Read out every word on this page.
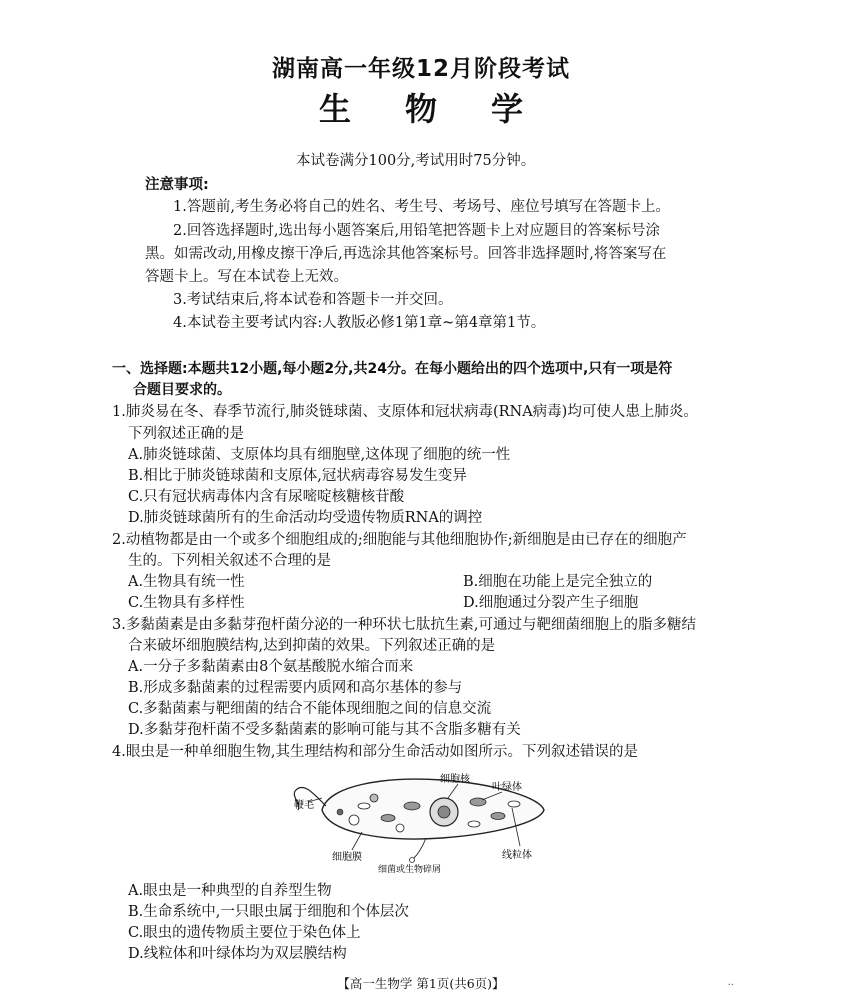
湖南高一年级12月阶段考试
生 物 学
本试卷满分100分,考试用时75分钟。
注意事项:
1.答题前,考生务必将自己的姓名、考生号、考场号、座位号填写在答题卡上。
2.回答选择题时,选出每小题答案后,用铅笔把答题卡上对应题目的答案标号涂
黑。如需改动,用橡皮擦干净后,再选涂其他答案标号。回答非选择题时,将答案写在
答题卡上。写在本试卷上无效。
3.考试结束后,将本试卷和答题卡一并交回。
4.本试卷主要考试内容:人教版必修1第1章~第4章第1节。
一、选择题:本题共12小题,每小题2分,共24分。在每小题给出的四个选项中,只有一项是符
合题目要求的。
1.肺炎易在冬、春季节流行,肺炎链球菌、支原体和冠状病毒(RNA病毒)均可使人患上肺炎。
下列叙述正确的是
A.肺炎链球菌、支原体均具有细胞壁,这体现了细胞的统一性
B.相比于肺炎链球菌和支原体,冠状病毒容易发生变异
C.只有冠状病毒体内含有尿嘧啶核糖核苷酸
D.肺炎链球菌所有的生命活动均受遗传物质RNA的调控
2.动植物都是由一个或多个细胞组成的;细胞能与其他细胞协作;新细胞是由已存在的细胞产
生的。下列相关叙述不合理的是
A.生物具有统一性	B.细胞在功能上是完全独立的
C.生物具有多样性	D.细胞通过分裂产生子细胞
3.多黏菌素是由多黏芽孢杆菌分泌的一种环状七肽抗生素,可通过与靶细菌细胞上的脂多糖结
合来破坏细胞膜结构,达到抑菌的效果。下列叙述正确的是
A.一分子多黏菌素由8个氨基酸脱水缩合而来
B.形成多黏菌素的过程需要内质网和高尔基体的参与
C.多黏菌素与靶细菌的结合不能体现细胞之间的信息交流
D.多黏芽孢杆菌不受多黏菌素的影响可能与其不含脂多糖有关
4.眼虫是一种单细胞生物,其生理结构和部分生命活动如图所示。下列叙述错误的是
鞭毛
细胞核
叶绿体
细胞膜	线粒体
细菌或生物碎屑
A.眼虫是一种典型的自养型生物
B.生命系统中,一只眼虫属于细胞和个体层次
C.眼虫的遗传物质主要位于染色体上
D.线粒体和叶绿体均为双层膜结构
【高一生物学 第1页(共6页)】	··
